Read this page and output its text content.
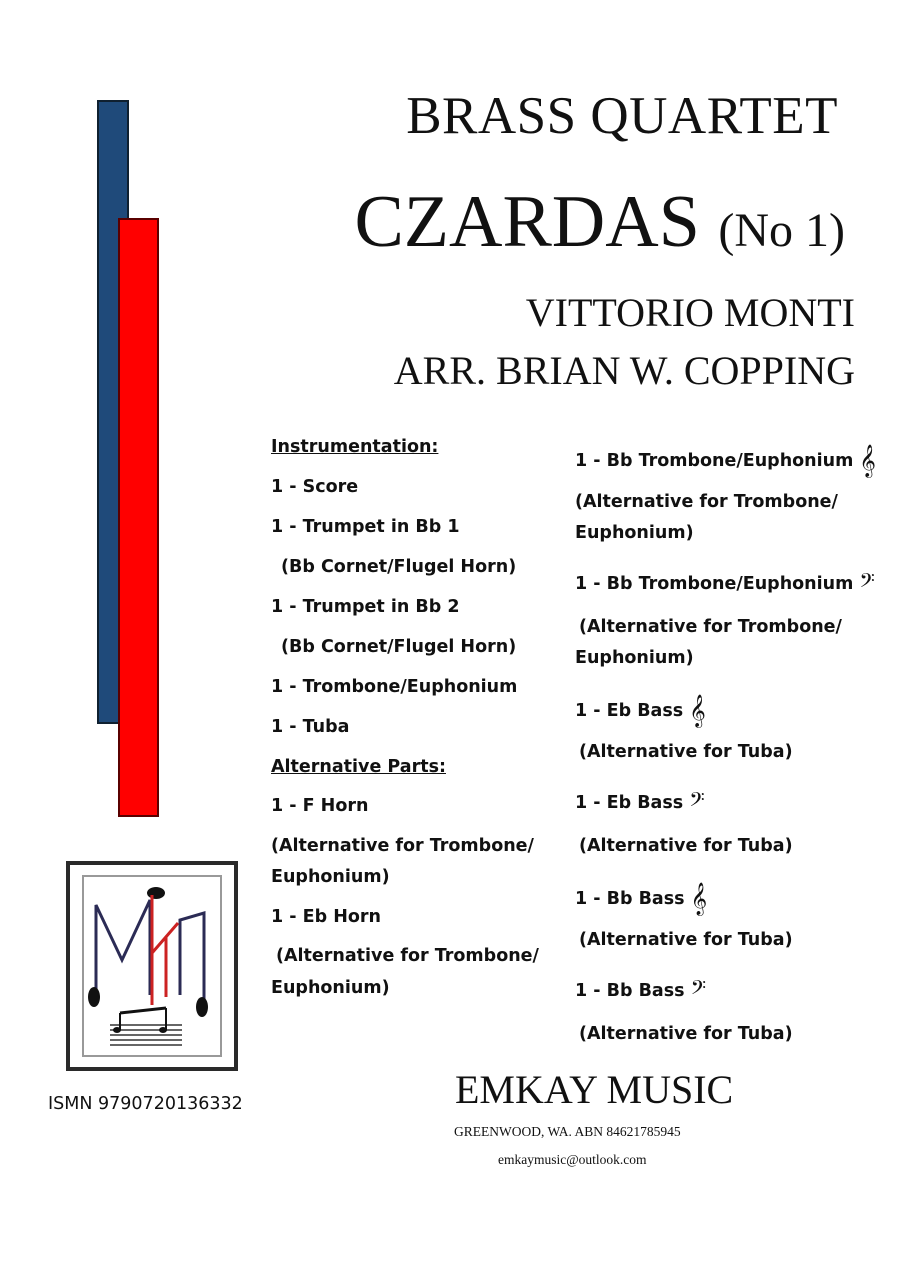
BRASS QUARTET
CZARDAS (No 1)
VITTORIO MONTI
ARR. BRIAN W. COPPING
Instrumentation:
1 - Score
1 - Trumpet in Bb 1
(Bb Cornet/Flugel Horn)
1 - Trumpet in Bb 2
(Bb Cornet/Flugel Horn)
1 - Trombone/Euphonium
1 - Tuba
Alternative Parts:
1 - F Horn
(Alternative for Trombone/
Euphonium)
1 - Eb Horn
(Alternative for Trombone/
Euphonium)
1 - Bb Trombone/Euphonium 𝄞
(Alternative for Trombone/
Euphonium)
1 - Bb Trombone/Euphonium 𝄢
(Alternative for Trombone/
Euphonium)
1 - Eb Bass 𝄞
(Alternative for Tuba)
1 - Eb Bass 𝄢
(Alternative for Tuba)
1 - Bb Bass 𝄞
(Alternative for Tuba)
1 - Bb Bass 𝄢
(Alternative for Tuba)
ISMN 9790720136332	EMKAY MUSIC
GREENWOOD, WA. ABN 84621785945
emkaymusic@outlook.com
